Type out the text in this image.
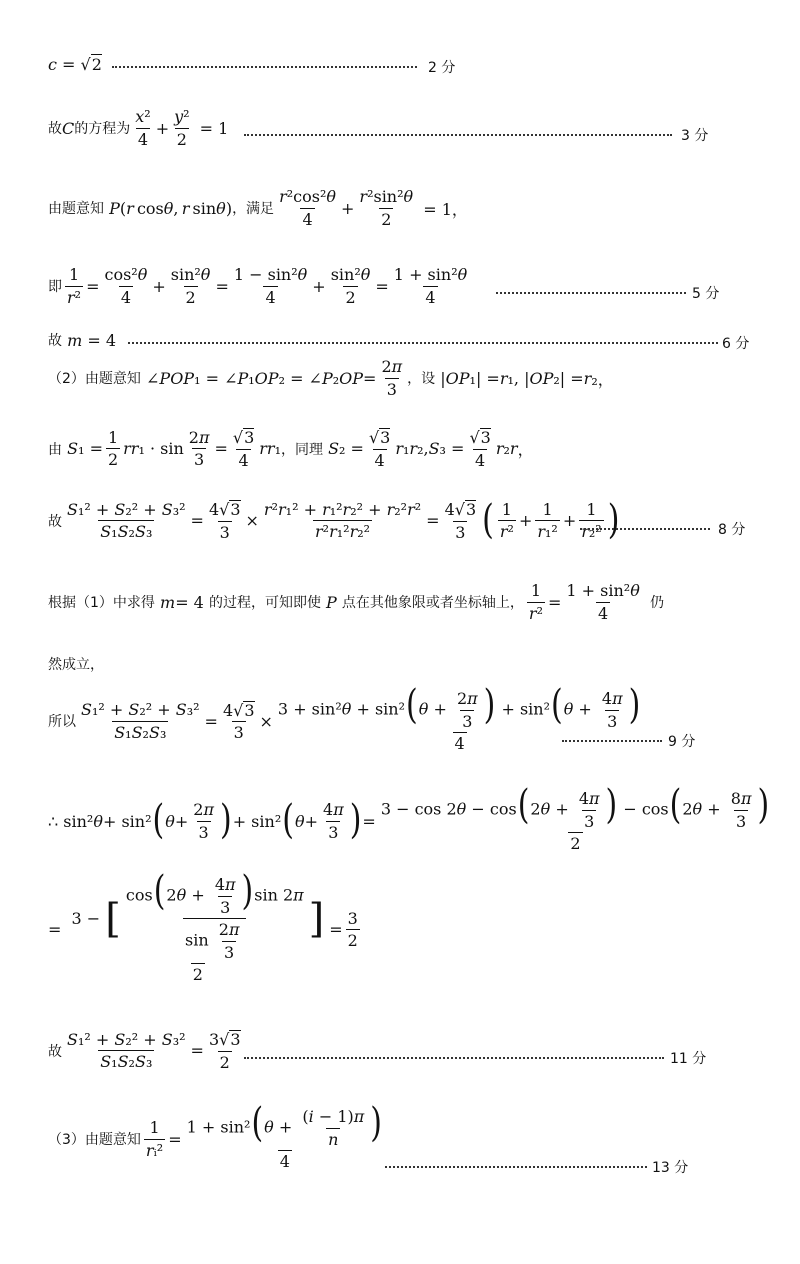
c = √ 2	2 分
故 C 的方程为 $\frac{\text{x²}}{4} + \frac{\text{y²}}{2} = 1$	3 分
由题意知
P ( r  cos θ ,  r  sin θ ) ，满足 $\frac{\text{r²cos²θ}}{4} + \frac{\text{r²sin²θ}}{2} = 1$，
即 $\frac{1}{\text{r²}} = \frac{\text{cos²θ}}{4} + \frac{\text{sin²θ}}{2} = \frac{\text{1 − sin²θ}}{4} + \frac{\text{sin²θ}}{2} = \frac{\text{1 + sin²θ}}{4}$	5 分
故
m = 4	6 分
（2）由题意知 ∠ POP ₁ = ∠ P ₁ OP ₂ = ∠ P ₂ OP = $\frac{2\pi}{3}$ ，设 | OP ₁| = r ₁, | OP ₂| = r ₂，
由
S $_1 = \frac{1}{2}$ rr $_1 \cdot \sin \frac{2\pi}{3} = \frac{√3}{4}$ rr ₁ ，同理
S $_2 = \frac{√3}{4}$ r ₁ r ₂, S $_3 = \frac{√3}{4}$ r ₂ r ，
故 $\frac{\text{S₁² + S₂² + S₃²}}{\text{S₁S₂S₃}} = \frac{4√3}{3} \times \frac{\text{r²r₁² + r₁²r₂² + r₂²r²}}{\text{r²r₁²r₂²}} = \frac{4√3}{3}$ ( $\frac{1}{\text{r²}} + \frac{1}{\text{r₁²}} + \frac{1}{\text{r₂²}}$ )	8 分
根据（1）中求得
m = 4 的过程，可知即使
P
点在其他象限或者坐标轴上， $\frac{1}{\text{r²}} = \frac{\text{1 + sin²θ}}{4}$
仍
然成立，
所以 $\frac{\text{S₁² + S₂² + S₃²}}{\text{S₁S₂S₃}} = \frac{4√3}{3} \times \frac{3 + \sin^2\theta + \sin^2(\theta + \frac{2\pi}{3} ) + \sin^2(\theta + \frac{4\pi}{3} )}{4} 9$ 分
∴ sin² θ + sin² ( $\theta + \frac{2\pi}{3}$ ) + sin² ( $\theta + \frac{4\pi}{3}$ ) = $\frac{3 - \cos 2\theta - \cos(2\theta + \frac{4\pi}{3} ) - \cos(2\theta + \frac{8\pi}{3} )}{2}$
= $\frac{3 - [ \frac{\cos(2\theta + \frac{4\pi}{3} )\sin 2\pi}{\sin \frac{2\pi}{3}} ]}{2} = \frac{3}{2}$
故 $\frac{\text{S₁² + S₂² + S₃²}}{\text{S₁S₂S₃}} = \frac{3√3}{2}$	11 分
（3）由题意知 $\frac{1}{\text{rᵢ²}} = \frac{1 + \sin^2(\theta + \frac{(i - 1)\pi}{n} )}{4}$	13 分
